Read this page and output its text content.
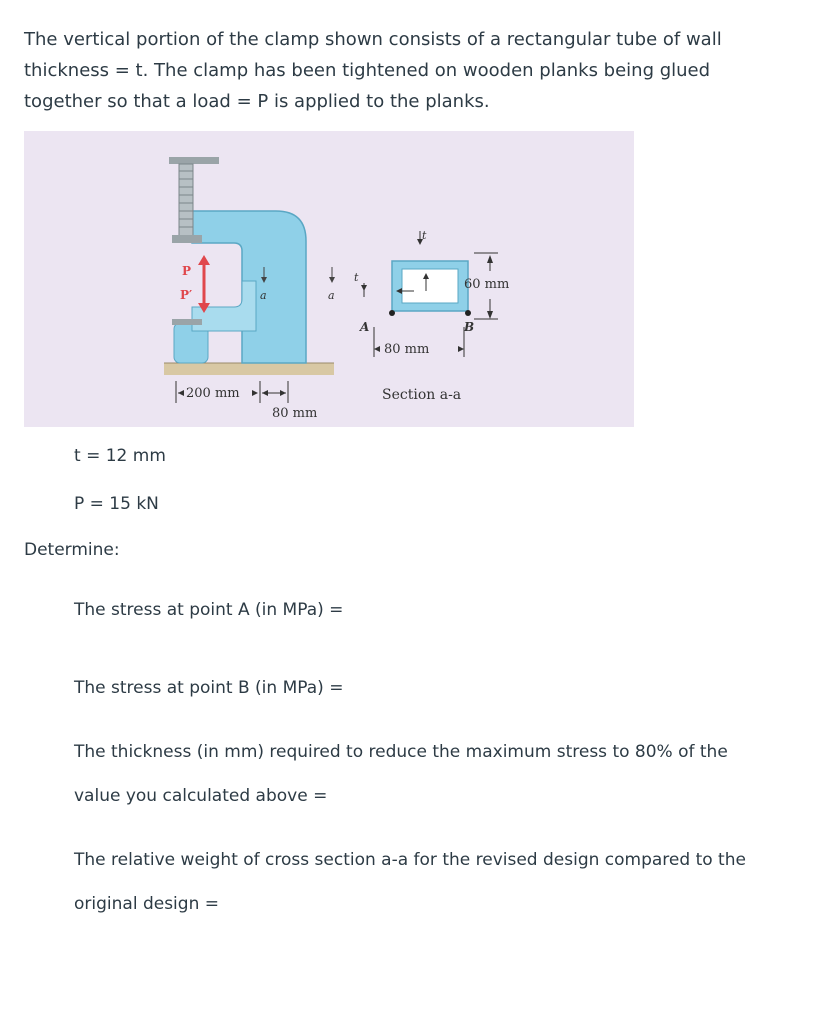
The vertical portion of the clamp shown consists of a rectangular tube of wall thickness = t. The clamp has been tightened on wooden planks being glued together so that a load = P is applied to the planks.

P
P′	a	a
200 mm
80 mm
t
t
A	B
60 mm
80 mm
Section a-a

t = 12 mm

P = 15 kN

Determine:

The stress at point A (in MPa) =

The stress at point B (in MPa) =

The thickness (in mm) required to reduce the maximum stress to 80% of the value you calculated above =

The relative weight of cross section a-a for the revised design compared to the original design =
